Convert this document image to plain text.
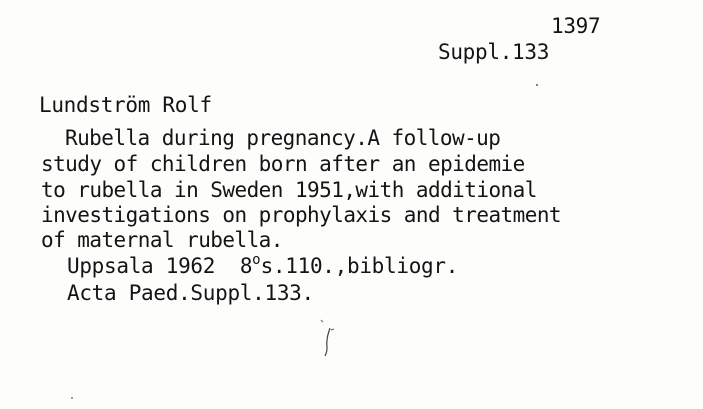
1397
Suppl.133
Lundström Rolf
Rubella during pregnancy.A follow-up
study of children born after an epidemie
to rubella in Sweden 1951,with additional
investigations on prophylaxis and treatment
of maternal rubella.
Uppsala 1962 8$^o$s.110.,bibliogr.
Acta Paed.Suppl.133.
